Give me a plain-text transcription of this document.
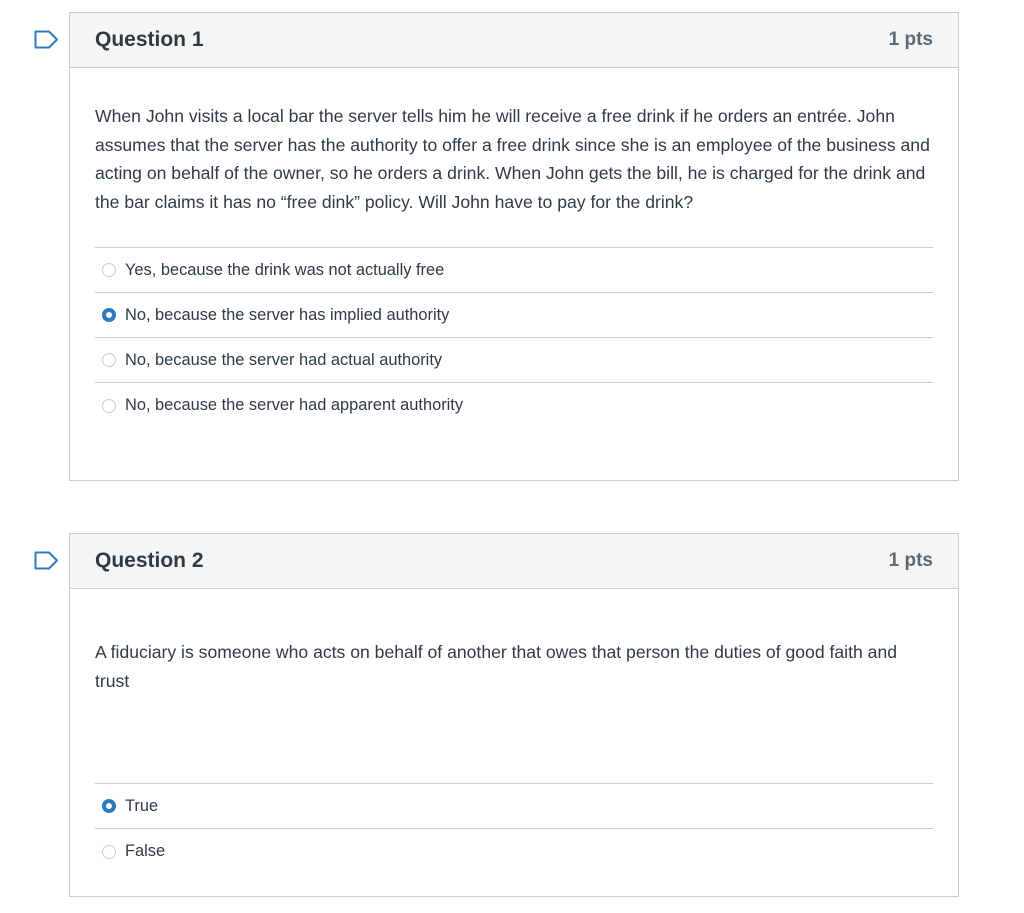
Question 1	1 pts

When John visits a local bar the server tells him he will receive a free drink if he orders an entrée. John assumes that the server has the authority to offer a free drink since she is an employee of the business and acting on behalf of the owner, so he orders a drink. When John gets the bill, he is charged for the drink and the bar claims it has no “free dink” policy. Will John have to pay for the drink?

Yes, because the drink was not actually free
No, because the server has implied authority
No, because the server had actual authority
No, because the server had apparent authority
Question 2	1 pts

A fiduciary is someone who acts on behalf of another that owes that person the duties of good faith and trust

True
False
